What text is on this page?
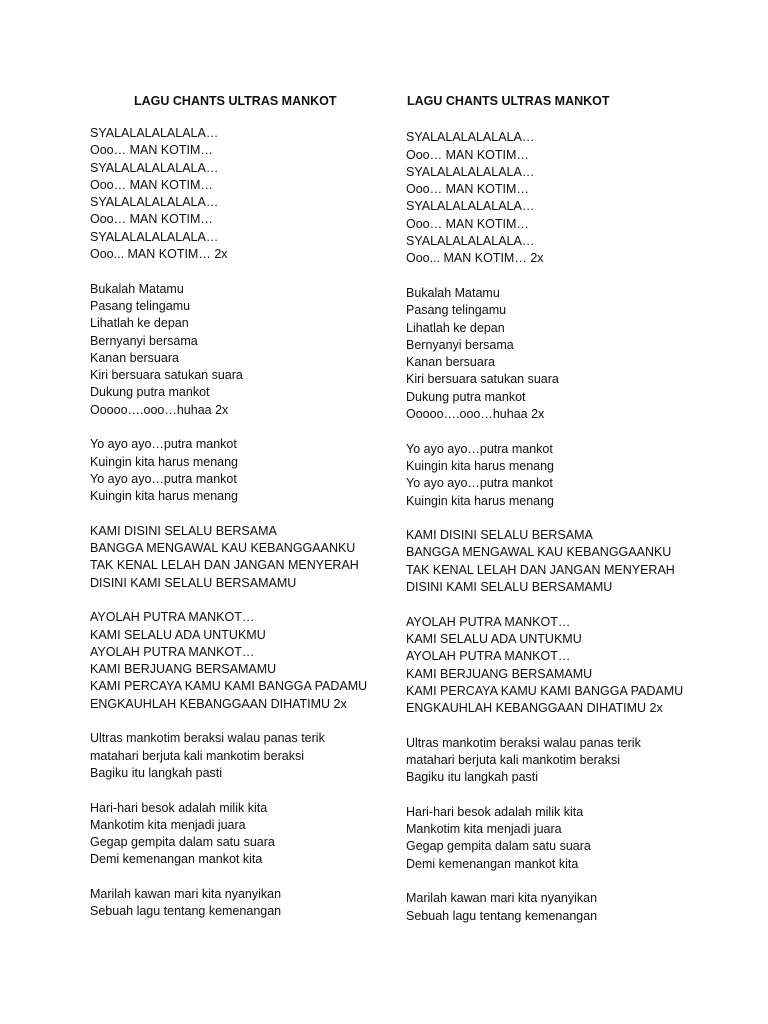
LAGU CHANTS ULTRAS MANKOT
SYALALALALALALA…
Ooo… MAN KOTIM…
SYALALALALALALA…
Ooo… MAN KOTIM…
SYALALALALALALA…
Ooo… MAN KOTIM…
SYALALALALALALA…
Ooo... MAN KOTIM… 2x
Bukalah Matamu
Pasang telingamu
Lihatlah ke depan
Bernyanyi bersama
Kanan bersuara
Kiri bersuara satukan suara
Dukung putra mankot
Ooooo….ooo…huhaa 2x
Yo ayo ayo…putra mankot
Kuingin kita harus menang
Yo ayo ayo…putra mankot
Kuingin kita harus menang
KAMI DISINI SELALU BERSAMA
BANGGA MENGAWAL KAU KEBANGGAANKU
TAK KENAL LELAH DAN JANGAN MENYERAH
DISINI KAMI SELALU BERSAMAMU
AYOLAH PUTRA MANKOT…
KAMI SELALU ADA UNTUKMU
AYOLAH PUTRA MANKOT…
KAMI BERJUANG BERSAMAMU
KAMI PERCAYA KAMU KAMI BANGGA PADAMU
ENGKAUHLAH KEBANGGAAN DIHATIMU 2x
Ultras mankotim beraksi walau panas terik
matahari berjuta kali mankotim beraksi
Bagiku itu langkah pasti
Hari-hari besok adalah milik kita
Mankotim kita menjadi juara
Gegap gempita dalam satu suara
Demi kemenangan mankot kita
Marilah kawan mari kita nyanyikan
Sebuah lagu tentang kemenangan
LAGU CHANTS ULTRAS MANKOT
SYALALALALALALA…
Ooo… MAN KOTIM…
SYALALALALALALA…
Ooo… MAN KOTIM…
SYALALALALALALA…
Ooo… MAN KOTIM…
SYALALALALALALA…
Ooo... MAN KOTIM… 2x
Bukalah Matamu
Pasang telingamu
Lihatlah ke depan
Bernyanyi bersama
Kanan bersuara
Kiri bersuara satukan suara
Dukung putra mankot
Ooooo….ooo…huhaa 2x
Yo ayo ayo…putra mankot
Kuingin kita harus menang
Yo ayo ayo…putra mankot
Kuingin kita harus menang
KAMI DISINI SELALU BERSAMA
BANGGA MENGAWAL KAU KEBANGGAANKU
TAK KENAL LELAH DAN JANGAN MENYERAH
DISINI KAMI SELALU BERSAMAMU
AYOLAH PUTRA MANKOT…
KAMI SELALU ADA UNTUKMU
AYOLAH PUTRA MANKOT…
KAMI BERJUANG BERSAMAMU
KAMI PERCAYA KAMU KAMI BANGGA PADAMU
ENGKAUHLAH KEBANGGAAN DIHATIMU 2x
Ultras mankotim beraksi walau panas terik
matahari berjuta kali mankotim beraksi
Bagiku itu langkah pasti
Hari-hari besok adalah milik kita
Mankotim kita menjadi juara
Gegap gempita dalam satu suara
Demi kemenangan mankot kita
Marilah kawan mari kita nyanyikan
Sebuah lagu tentang kemenangan
